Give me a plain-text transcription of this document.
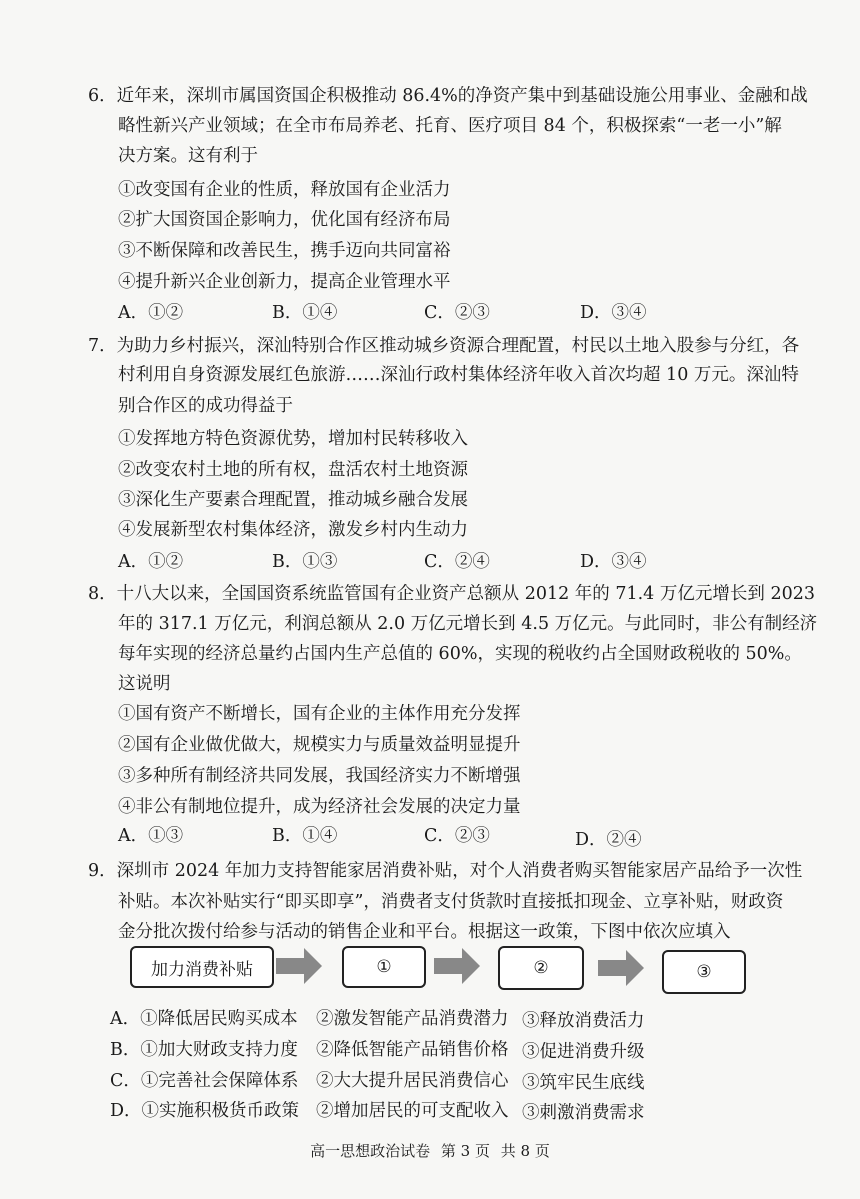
6．近年来，深圳市属国资国企积极推动 86.4%的净资产集中到基础设施公用事业、金融和战
略性新兴产业领域；在全市布局养老、托育、医疗项目 84 个，积极探索“一老一小”解
决方案。这有利于
①改变国有企业的性质，释放国有企业活力
②扩大国资国企影响力，优化国有经济布局
③不断保障和改善民生，携手迈向共同富裕
④提升新兴企业创新力，提高企业管理水平
A．①②	B．①④	C．②③	D．③④
7．为助力乡村振兴，深汕特别合作区推动城乡资源合理配置，村民以土地入股参与分红，各
村利用自身资源发展红色旅游……深汕行政村集体经济年收入首次均超 10 万元。深汕特
别合作区的成功得益于
①发挥地方特色资源优势，增加村民转移收入
②改变农村土地的所有权，盘活农村土地资源
③深化生产要素合理配置，推动城乡融合发展
④发展新型农村集体经济，激发乡村内生动力
A．①②	B．①③	C．②④	D．③④
8．十八大以来，全国国资系统监管国有企业资产总额从 2012 年的 71.4 万亿元增长到 2023
年的 317.1 万亿元，利润总额从 2.0 万亿元增长到 4.5 万亿元。与此同时，非公有制经济
每年实现的经济总量约占国内生产总值的 60%，实现的税收约占全国财政税收的 50%。
这说明
①国有资产不断增长，国有企业的主体作用充分发挥
②国有企业做优做大，规模实力与质量效益明显提升
③多种所有制经济共同发展，我国经济实力不断增强
④非公有制地位提升，成为经济社会发展的决定力量
A．①③	B．①④	C．②③	D．②④
9．深圳市 2024 年加力支持智能家居消费补贴，对个人消费者购买智能家居产品给予一次性
补贴。本次补贴实行“即买即享”，消费者支付货款时直接抵扣现金、立享补贴，财政资
金分批次拨付给参与活动的销售企业和平台。根据这一政策，下图中依次应填入
加力消费补贴	①	②	③
A．①降低居民购买成本 ②激发智能产品消费潜力 ③释放消费活力
B．①加大财政支持力度 ②降低智能产品销售价格 ③促进消费升级
C．①完善社会保障体系 ②大大提升居民消费信心 ③筑牢民生底线
D．①实施积极货币政策 ②增加居民的可支配收入 ③刺激消费需求
高一思想政治试卷 第 3 页 共 8 页
